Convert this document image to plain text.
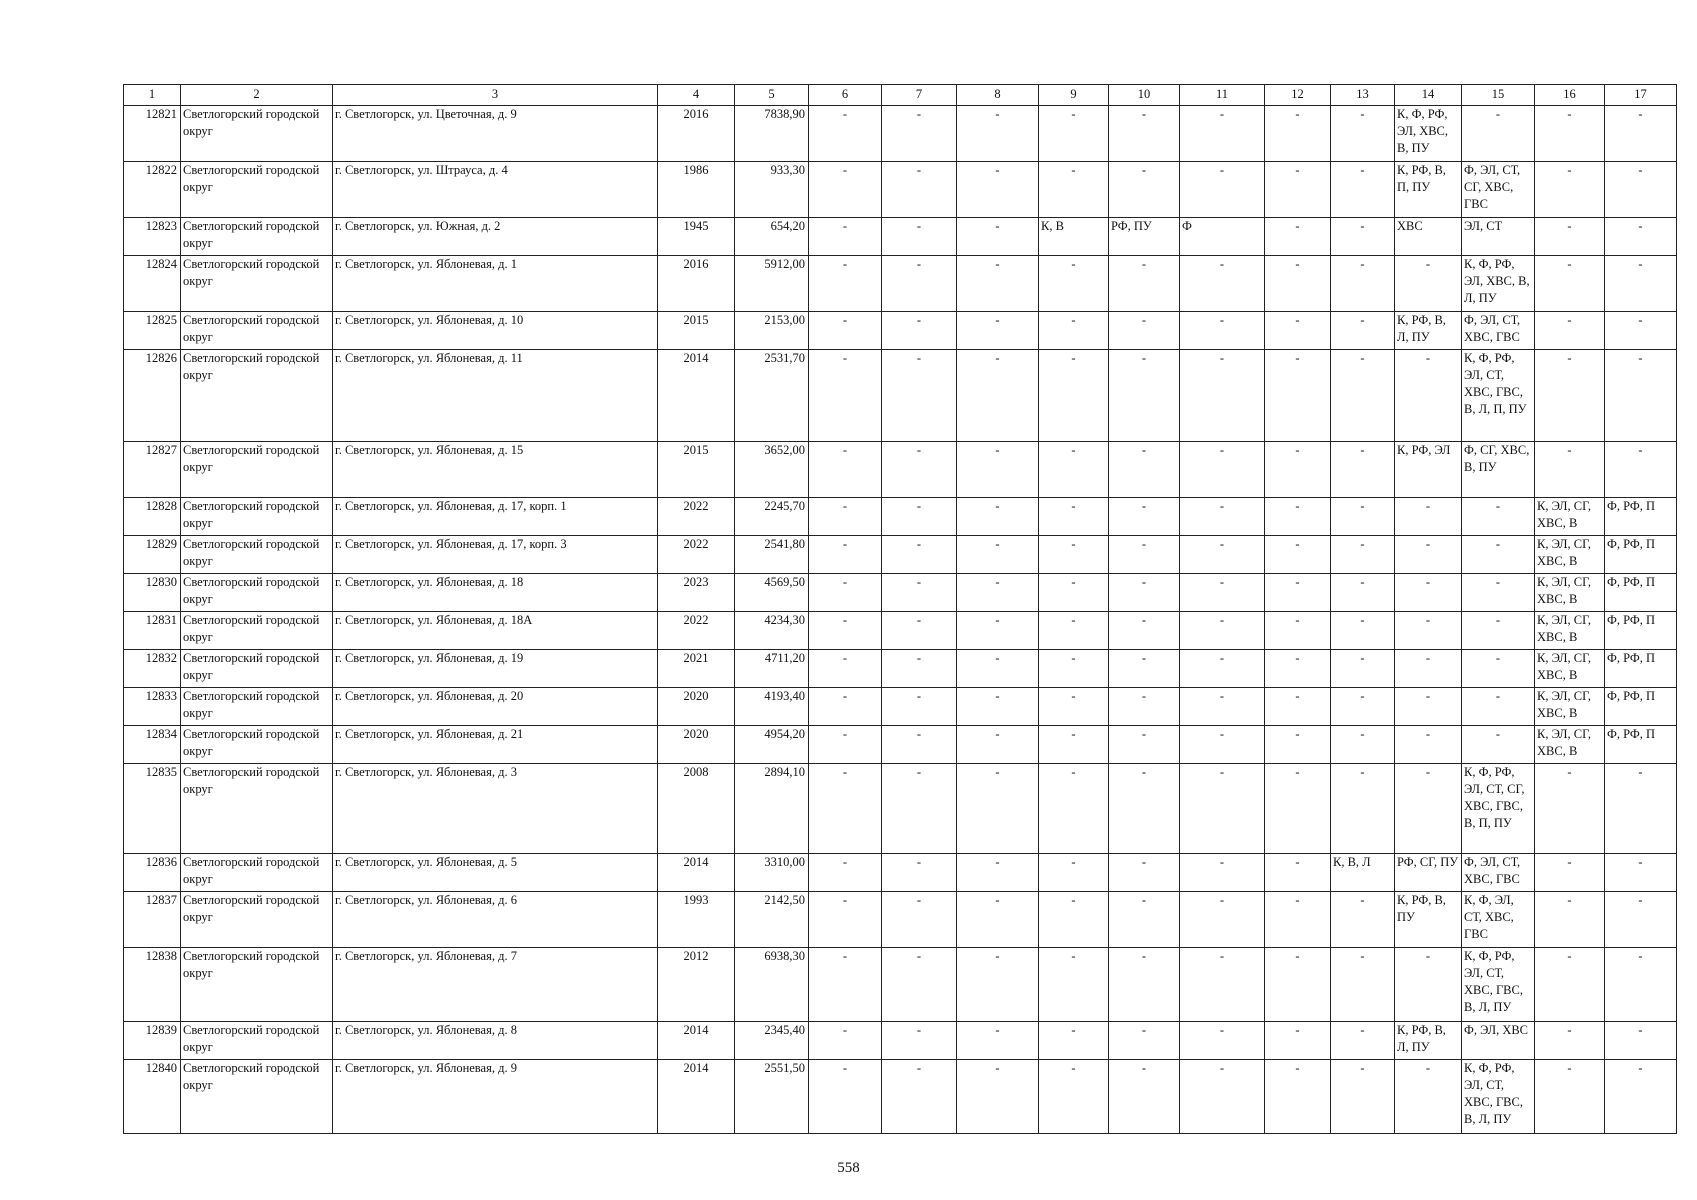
1	2	3	4	5	6	7	8	9	10	11	12	13	14	15	16	17
12821	Светлогорский городской округ	г. Светлогорск, ул. Цветочная, д. 9	2016	7838,90	-	-	-	-	-	-	-	-	К, Ф, РФ, ЭЛ, ХВС, В, ПУ	-	-	-
12822	Светлогорский городской округ	г. Светлогорск, ул. Штрауса, д. 4	1986	933,30	-	-	-	-	-	-	-	-	К, РФ, В, П, ПУ	Ф, ЭЛ, СТ, СГ, ХВС, ГВС	-	-
12823	Светлогорский городской округ	г. Светлогорск, ул. Южная, д. 2	1945	654,20	-	-	-	К, В	РФ, ПУ	Ф	-	-	ХВС	ЭЛ, СТ	-	-
12824	Светлогорский городской округ	г. Светлогорск, ул. Яблоневая, д. 1	2016	5912,00	-	-	-	-	-	-	-	-	-	К, Ф, РФ, ЭЛ, ХВС, В, Л, ПУ	-	-
12825	Светлогорский городской округ	г. Светлогорск, ул. Яблоневая, д. 10	2015	2153,00	-	-	-	-	-	-	-	-	К, РФ, В, Л, ПУ	Ф, ЭЛ, СТ, ХВС, ГВС	-	-
12826	Светлогорский городской округ	г. Светлогорск, ул. Яблоневая, д. 11	2014	2531,70	-	-	-	-	-	-	-	-	-	К, Ф, РФ, ЭЛ, СТ, ХВС, ГВС, В, Л, П, ПУ	-	-
12827	Светлогорский городской округ	г. Светлогорск, ул. Яблоневая, д. 15	2015	3652,00	-	-	-	-	-	-	-	-	К, РФ, ЭЛ	Ф, СГ, ХВС, В, ПУ	-	-
12828	Светлогорский городской округ	г. Светлогорск, ул. Яблоневая, д. 17, корп. 1	2022	2245,70	-	-	-	-	-	-	-	-	-	-	К, ЭЛ, СГ, ХВС, В	Ф, РФ, П
12829	Светлогорский городской округ	г. Светлогорск, ул. Яблоневая, д. 17, корп. 3	2022	2541,80	-	-	-	-	-	-	-	-	-	-	К, ЭЛ, СГ, ХВС, В	Ф, РФ, П
12830	Светлогорский городской округ	г. Светлогорск, ул. Яблоневая, д. 18	2023	4569,50	-	-	-	-	-	-	-	-	-	-	К, ЭЛ, СГ, ХВС, В	Ф, РФ, П
12831	Светлогорский городской округ	г. Светлогорск, ул. Яблоневая, д. 18А	2022	4234,30	-	-	-	-	-	-	-	-	-	-	К, ЭЛ, СГ, ХВС, В	Ф, РФ, П
12832	Светлогорский городской округ	г. Светлогорск, ул. Яблоневая, д. 19	2021	4711,20	-	-	-	-	-	-	-	-	-	-	К, ЭЛ, СГ, ХВС, В	Ф, РФ, П
12833	Светлогорский городской округ	г. Светлогорск, ул. Яблоневая, д. 20	2020	4193,40	-	-	-	-	-	-	-	-	-	-	К, ЭЛ, СГ, ХВС, В	Ф, РФ, П
12834	Светлогорский городской округ	г. Светлогорск, ул. Яблоневая, д. 21	2020	4954,20	-	-	-	-	-	-	-	-	-	-	К, ЭЛ, СГ, ХВС, В	Ф, РФ, П
12835	Светлогорский городской округ	г. Светлогорск, ул. Яблоневая, д. 3	2008	2894,10	-	-	-	-	-	-	-	-	-	К, Ф, РФ, ЭЛ, СТ, СГ, ХВС, ГВС, В, П, ПУ	-	-
12836	Светлогорский городской округ	г. Светлогорск, ул. Яблоневая, д. 5	2014	3310,00	-	-	-	-	-	-	-	К, В, Л	РФ, СГ, ПУ	Ф, ЭЛ, СТ, ХВС, ГВС	-	-
12837	Светлогорский городской округ	г. Светлогорск, ул. Яблоневая, д. 6	1993	2142,50	-	-	-	-	-	-	-	-	К, РФ, В, ПУ	К, Ф, ЭЛ, СТ, ХВС, ГВС	-	-
12838	Светлогорский городской округ	г. Светлогорск, ул. Яблоневая, д. 7	2012	6938,30	-	-	-	-	-	-	-	-	-	К, Ф, РФ, ЭЛ, СТ, ХВС, ГВС, В, Л, ПУ	-	-
12839	Светлогорский городской округ	г. Светлогорск, ул. Яблоневая, д. 8	2014	2345,40	-	-	-	-	-	-	-	-	К, РФ, В, Л, ПУ	Ф, ЭЛ, ХВС	-	-
12840	Светлогорский городской округ	г. Светлогорск, ул. Яблоневая, д. 9	2014	2551,50	-	-	-	-	-	-	-	-	-	К, Ф, РФ, ЭЛ, СТ, ХВС, ГВС, В, Л, ПУ	-	-
558
